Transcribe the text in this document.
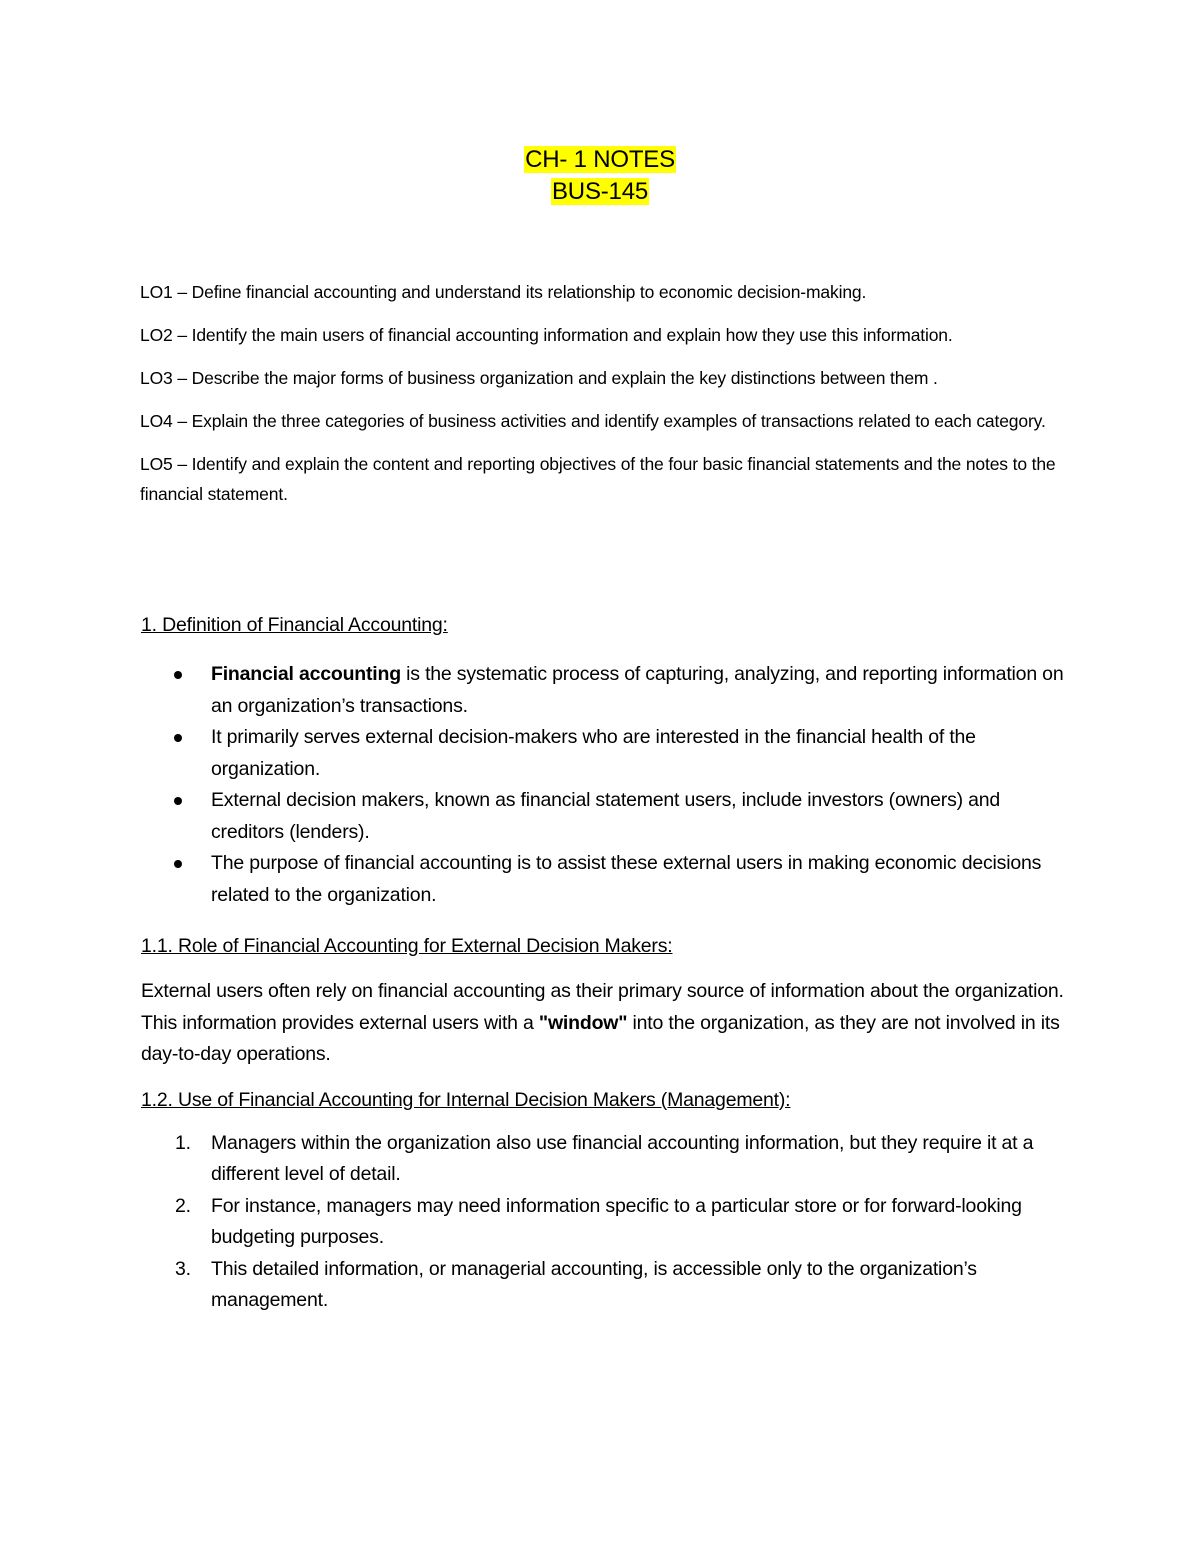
CH- 1 NOTES
BUS-145

LO1 – Define financial accounting and understand its relationship to economic decision-making.

LO2 – Identify the main users of financial accounting information and explain how they use this information.

LO3 – Describe the major forms of business organization and explain the key distinctions between them .

LO4 – Explain the three categories of business activities and identify examples of transactions related to each category.

LO5 – Identify and explain the content and reporting objectives of the four basic financial statements and the notes to the financial statement.

1. Definition of Financial Accounting:

Financial accounting is the systematic process of capturing, analyzing, and reporting information on an organization’s transactions.
It primarily serves external decision-makers who are interested in the financial health of the organization.
External decision makers, known as financial statement users, include investors (owners) and creditors (lenders).
The purpose of financial accounting is to assist these external users in making economic decisions related to the organization.

1.1. Role of Financial Accounting for External Decision Makers:

External users often rely on financial accounting as their primary source of information about the organization. This information provides external users with a "window" into the organization, as they are not involved in its day-to-day operations.

1.2. Use of Financial Accounting for Internal Decision Makers (Management):

1. Managers within the organization also use financial accounting information, but they require it at a different level of detail.
2. For instance, managers may need information specific to a particular store or for forward-looking budgeting purposes.
3. This detailed information, or managerial accounting, is accessible only to the organization’s management.
